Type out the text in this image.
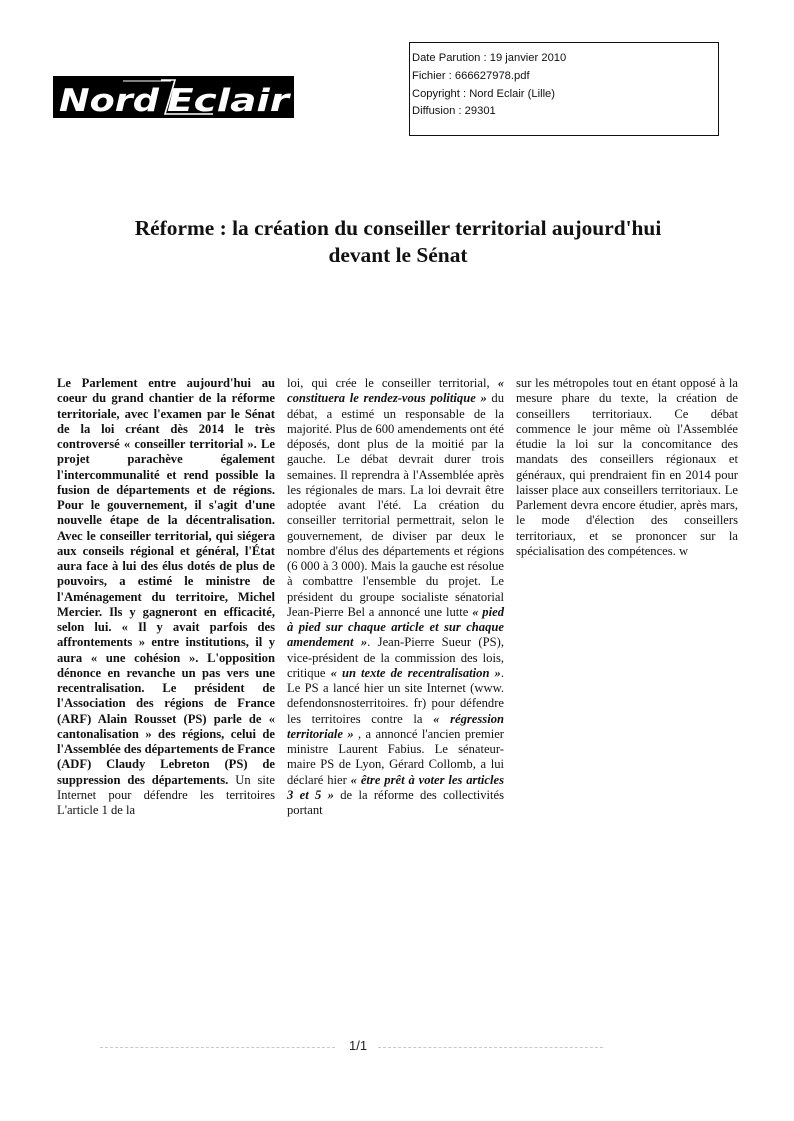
Nord Eclair
Date Parution : 19 janvier 2010
Fichier : 666627978.pdf
Copyright : Nord Eclair (Lille)
Diffusion : 29301
Réforme : la création du conseiller territorial aujourd'hui
devant le Sénat
Le Parlement entre aujourd'hui au coeur du grand chantier de la réforme territoriale, avec l'examen par le Sénat de la loi créant dès 2014 le très controversé « conseiller territorial ». Le projet parachève également l'intercommunalité et rend possible la fusion de départements et de régions. Pour le gouvernement, il s'agit d'une nouvelle étape de la décentralisation. Avec le conseiller territorial, qui siégera aux conseils régional et général, l'État aura face à lui des élus dotés de plus de pouvoirs, a estimé le ministre de l'Aménagement du territoire, Michel Mercier. Ils y gagneront en efficacité, selon lui. « Il y avait parfois des affrontements » entre institutions, il y aura « une cohésion ». L'opposition dénonce en revanche un pas vers une recentralisation. Le président de l'Association des régions de France (ARF) Alain Rousset (PS) parle de « cantonalisation » des régions, celui de l'Assemblée des départements de France (ADF) Claudy Lebreton (PS) de suppression des départements. Un site Internet pour défendre les territoires L'article 1 de la
loi, qui crée le conseiller territorial, « constituera le rendez-vous politique » du débat, a estimé un responsable de la majorité. Plus de 600 amendements ont été déposés, dont plus de la moitié par la gauche. Le débat devrait durer trois semaines. Il reprendra à l'Assemblée après les régionales de mars. La loi devrait être adoptée avant l'été. La création du conseiller territorial permettrait, selon le gouvernement, de diviser par deux le nombre d'élus des départements et régions (6 000 à 3 000). Mais la gauche est résolue à combattre l'ensemble du projet. Le président du groupe socialiste sénatorial Jean-Pierre Bel a annoncé une lutte « pied à pied sur chaque article et sur chaque amendement ». Jean-Pierre Sueur (PS), vice-président de la commission des lois, critique « un texte de recentralisation ». Le PS a lancé hier un site Internet (www. defendonsnosterritoires. fr) pour défendre les territoires contre la « régression territoriale » , a annoncé l'ancien premier ministre Laurent Fabius. Le sénateur-maire PS de Lyon, Gérard Collomb, a lui déclaré hier « être prêt à voter les articles 3 et 5 » de la réforme des collectivités portant
sur les métropoles tout en étant opposé à la mesure phare du texte, la création de conseillers territoriaux. Ce débat commence le jour même où l'Assemblée étudie la loi sur la concomitance des mandats des conseillers régionaux et généraux, qui prendraient fin en 2014 pour laisser place aux conseillers territoriaux. Le Parlement devra encore étudier, après mars, le mode d'élection des conseillers territoriaux, et se prononcer sur la spécialisation des compétences. w
1/1
